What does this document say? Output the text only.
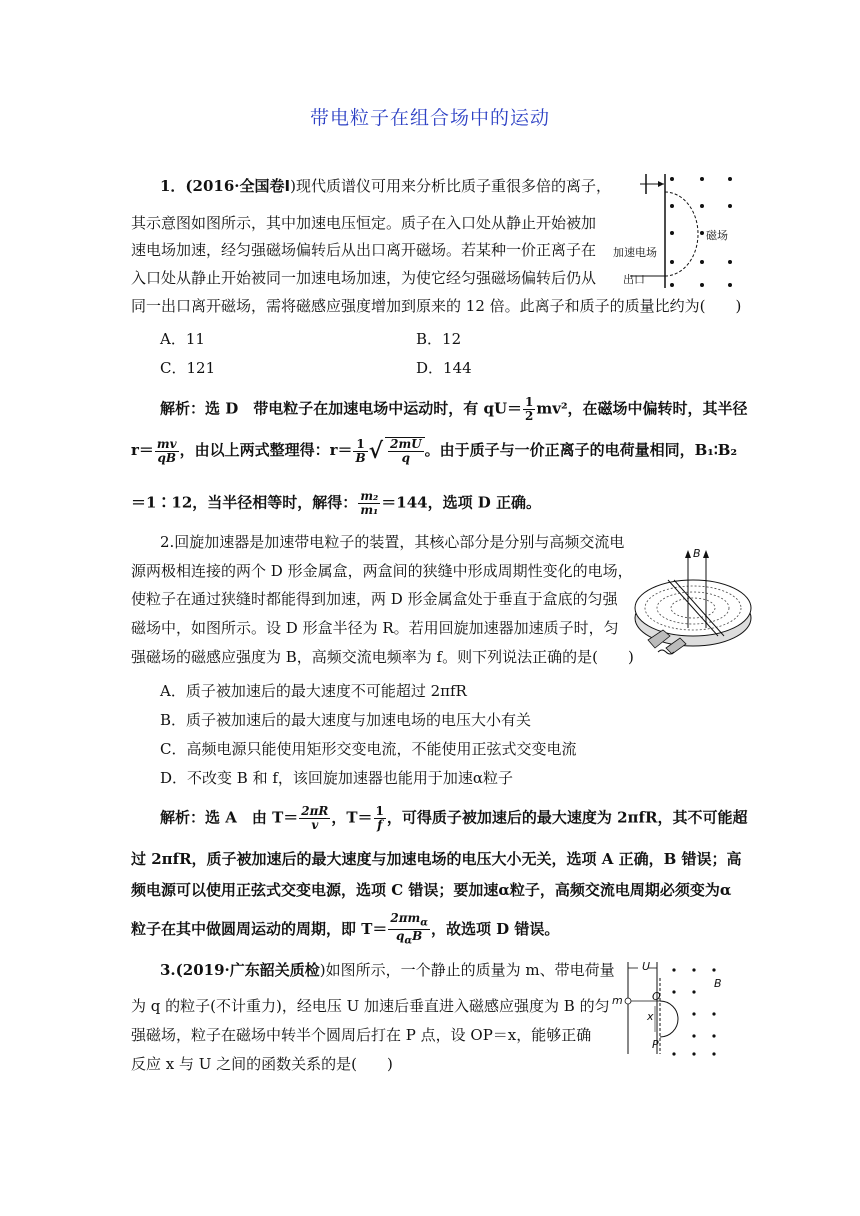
带电粒子在组合场中的运动
1．(2016·全国卷Ⅰ)现代质谱仪可用来分析比质子重很多倍的离子，
其示意图如图所示，其中加速电压恒定。质子在入口处从静止开始被加
速电场加速，经匀强磁场偏转后从出口离开磁场。若某种一价正离子在
入口处从静止开始被同一加速电场加速，为使它经匀强磁场偏转后仍从
同一出口离开磁场，需将磁感应强度增加到原来的 12 倍。此离子和质子的质量比约为(　　)
A．11	B．12
C．121	D．144
磁场
加速电场
出口
解析：选 D　带电粒子在加速电场中运动时，有 $qU= \frac{1}{2} mv^2$，在磁场中偏转时，其半径
$r= \frac{mv}{qB}$ ，由以上两式整理得：$r= \frac{1}{B}$ √ $\frac{2mU}{q}$ 。由于质子与一价正离子的电荷量相同，B₁∶B₂
＝1∶12，当半径相等时，解得： $\frac{\text{m₂}}{\text{m₁}} =144$，选项 D 正确。
2.回旋加速器是加速带电粒子的装置，其核心部分是分别与高频交流电
源两极相连接的两个 D 形金属盒，两盒间的狭缝中形成周期性变化的电场，
使粒子在通过狭缝时都能得到加速，两 D 形金属盒处于垂直于盒底的匀强
磁场中，如图所示。设 D 形盒半径为 R。若用回旋加速器加速质子时，匀
强磁场的磁感应强度为 B，高频交流电频率为 f。则下列说法正确的是(　　)
A．质子被加速后的最大速度不可能超过 2πfR
B．质子被加速后的最大速度与加速电场的电压大小有关
C．高频电源只能使用矩形交变电流，不能使用正弦式交变电流
D．不改变 B 和 f，该回旋加速器也能用于加速α粒子
B
解析：选 A　由 $T= \frac{2\pi R}{v}$ ，$T= \frac{1}{f}$ ，可得质子被加速后的最大速度为 2πfR，其不可能超
过 2πfR，质子被加速后的最大速度与加速电场的电压大小无关，选项 A 正确，B 错误；高
频电源可以使用正弦式交变电源，选项 C 错误；要加速α粒子，高频交流电周期必须变为α
粒子在其中做圆周运动的周期，即 $T= \frac{2\pi m_\alpha}{q_\alpha B}$ ，故选项 D 错误。
3.(2019·广东韶关质检)如图所示，一个静止的质量为 m、带电荷量
为 q 的粒子(不计重力)，经电压 U 加速后垂直进入磁感应强度为 B 的匀
强磁场，粒子在磁场中转半个圆周后打在 P 点，设 OP＝x，能够正确
反应 x 与 U 之间的函数关系的是(　　)
U
B
m	O
x
P
